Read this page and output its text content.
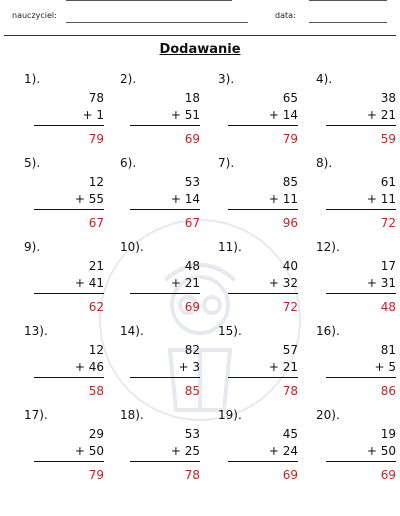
nauczyciel:	data:
Dodawanie
1).
78
+ 1
79
2).
18
+ 51
69
3).
65
+ 14
79
4).
38
+ 21
59
5).
12
+ 55
67
6).
53
+ 14
67
7).
85
+ 11
96
8).
61
+ 11
72
9).
21
+ 41
62
10).
48
+ 21
69
11).
40
+ 32
72
12).
17
+ 31
48
13).
12
+ 46
58
14).
82
+ 3
85
15).
57
+ 21
78
16).
81
+ 5
86
17).
29
+ 50
79
18).
53
+ 25
78
19).
45
+ 24
69
20).
19
+ 50
69
